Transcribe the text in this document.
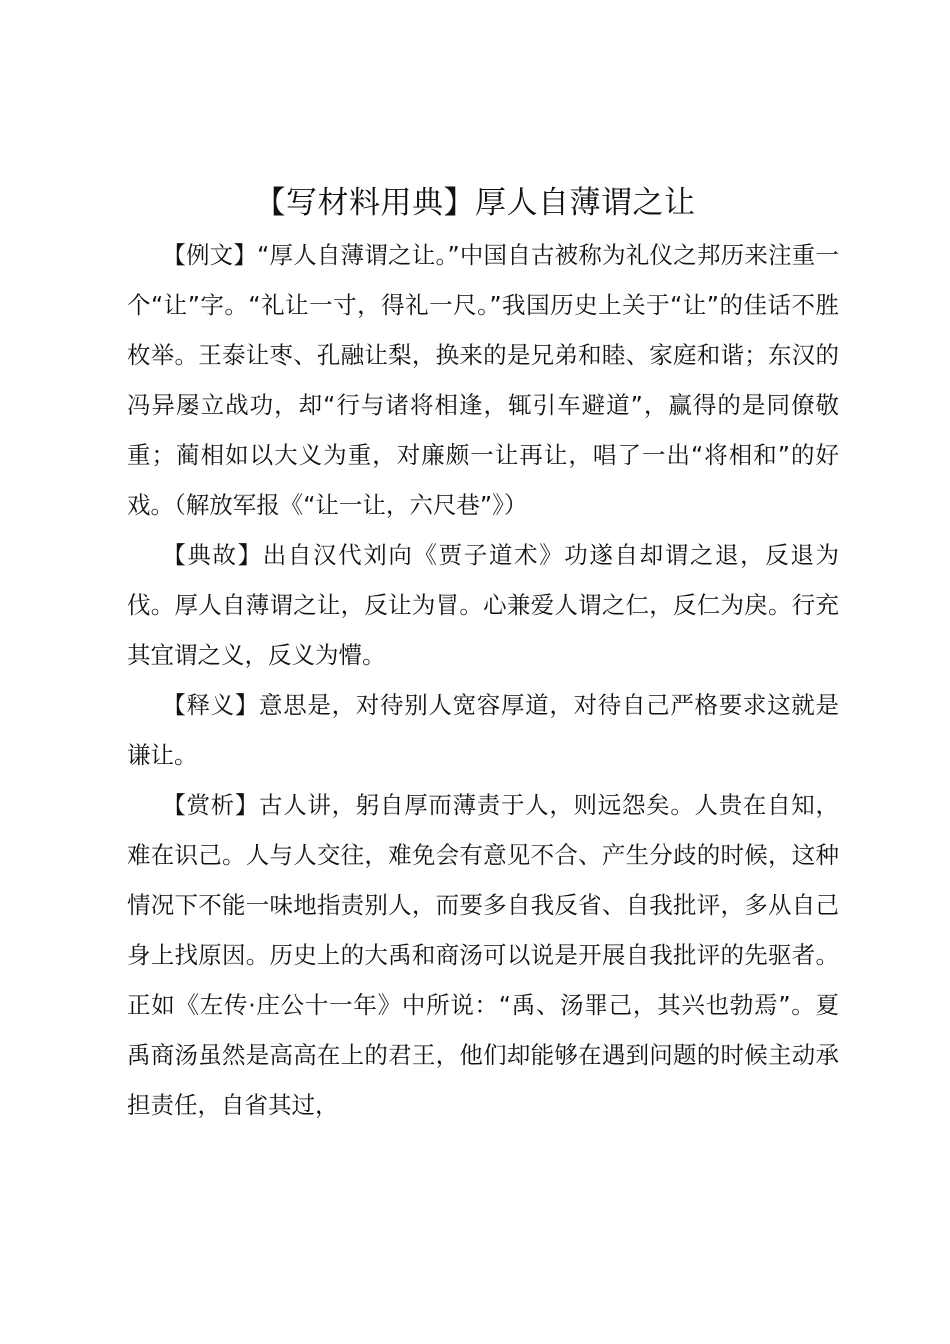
【写材料用典】厚人自薄谓之让

【例文】“厚人自薄谓之让。”中国自古被称为礼仪之邦历来注重一个“让”字。“礼让一寸，得礼一尺。”我国历史上关于“让”的佳话不胜枚举。王泰让枣、孔融让梨，换来的是兄弟和睦、家庭和谐；东汉的冯异屡立战功，却“行与诸将相逢，辄引车避道”，赢得的是同僚敬重；蔺相如以大义为重，对廉颇一让再让，唱了一出“将相和”的好戏。（解放军报《“让一让，六尺巷”》）

【典故】出自汉代刘向《贾子道术》功遂自却谓之退，反退为伐。厚人自薄谓之让，反让为冒。心兼爱人谓之仁，反仁为戾。行充其宜谓之义，反义为懵。

【释义】意思是，对待别人宽容厚道，对待自己严格要求这就是谦让。

【赏析】古人讲，躬自厚而薄责于人，则远怨矣。人贵在自知，难在识己。人与人交往，难免会有意见不合、产生分歧的时候，这种情况下不能一味地指责别人，而要多自我反省、自我批评，多从自己身上找原因。历史上的大禹和商汤可以说是开展自我批评的先驱者。正如《左传·庄公十一年》中所说：“禹、汤罪己，其兴也勃焉”。夏禹商汤虽然是高高在上的君王，他们却能够在遇到问题的时候主动承担责任，自省其过，
